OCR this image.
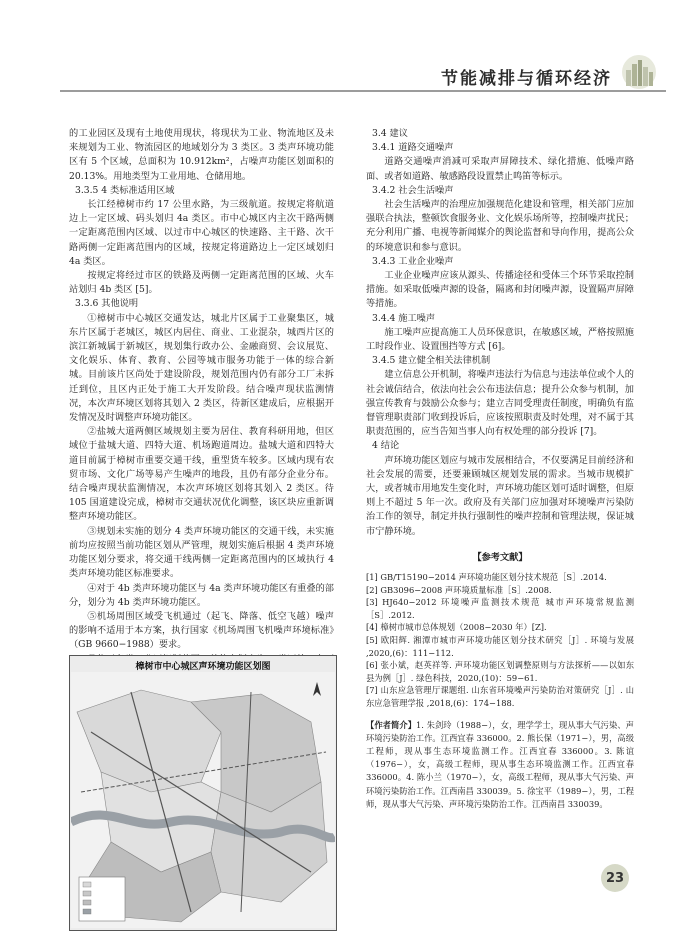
节能减排与循环经济
的工业园区及现有土地使用现状，将现状为工业、物流地区及未来规划为工业、物流园区的地域划分为 3 类区。3 类声环境功能区有 5 个区域，总面积为 10.912km²，占噪声功能区划面积的 20.13%。用地类型为工业用地、仓储用地。
3.3.5 4 类标准适用区域
长江经樟树市约 17 公里水路，为三级航道。按规定将航道边上一定区域、码头划归 4a 类区。市中心城区内主次干路两侧一定距离范围内区域、以过市中心城区的快速路、主干路、次干路两侧一定距离范围内的区域，按规定将道路边上一定区域划归 4a 类区。
按规定将经过市区的铁路及两侧一定距离范围的区域、火车站划归 4b 类区 [5]。
3.3.6 其他说明
①樟树市中心城区交通发达，城北片区属于工业聚集区，城东片区属于老城区，城区内居住、商业、工业混杂，城西片区的滨江新城属于新城区，规划集行政办公、金融商贸、会议展览、文化娱乐、体育、教育、公园等城市服务功能于一体的综合新城。目前该片区尚处于建设阶段，规划范围内仍有部分工厂未拆迁到位，且区内正处于施工大开发阶段。结合噪声现状监测情况，本次声环境区划将其划入 2 类区，待新区建成后，应根据开发情况及时调整声环境功能区。
②盐城大道两侧区域规划主要为居住、教育科研用地，但区域位于盐城大道、四特大道、机场跑道周边。盐城大道和四特大道目前属于樟树市重要交通干线，重型货车较多。区域内现有农贸市场、文化广场等易产生噪声的地段，且仍有部分企业分布。结合噪声现状监测情况，本次声环境区划将其划入 2 类区。待 105 国道建设完成，樟树市交通状况优化调整，该区块应重新调整声环境功能区。
③规划未实施的划分 4 类声环境功能区的交通干线，未实施前均应按照当前功能区划从严管理，规划实施后根据 4 类声环境功能区划分要求，将交通干线两侧一定距离范围内的区域执行 4 类声环境功能区标准要求。
④对于 4b 类声环境功能区与 4a 类声环境功能区有重叠的部分，划分为 4b 类声环境功能区。
⑤机场周围区域受飞机通过（起飞、降落、低空飞越）噪声的影响不适用于本方案，执行国家《机场周围飞机噪声环境标准》（GB 9660−1988）要求。
樟树市中心城区声环境功能区划图
3.4 建议
3.4.1 道路交通噪声
道路交通噪声消减可采取声屏障技术、绿化措施、低噪声路面、或者如道路、敏感路段设置禁止鸣笛等标示。
3.4.2 社会生活噪声
社会生活噪声的治理应加强规范化建设和管理，相关部门应加强联合执法，整顿饮食服务业、文化娱乐场所等，控制噪声扰民；充分利用广播、电视等新闻媒介的舆论监督和导向作用，提高公众的环境意识和参与意识。
3.4.3 工业企业噪声
工业企业噪声应该从源头、传播途径和受体三个环节采取控制措施。如采取低噪声源的设备，隔离和封闭噪声源，设置隔声屏障等措施。
3.4.4 施工噪声
施工噪声应提高施工人员环保意识，在敏感区域，严格按照施工时段作业、设置围挡等方式 [6]。
3.4.5 建立健全相关法律机制
建立信息公开机制，将噪声违法行为信息与违法单位或个人的社会诚信结合，依法向社会公布违法信息；提升公众参与机制，加强宣传教育与鼓励公众参与；建立吉同受理责任制度，明确负有监督管理职责部门收到投诉后，应该按照职责及时处理，对不属于其职责范围的，应当告知当事人向有权处理的部分投诉 [7]。
4 结论
声环境功能区划应与城市发展相结合，不仅要满足目前经济和社会发展的需要，还要兼顾城区规划发展的需求。当城市规模扩大，或者城市用地发生变化时，声环境功能区划可适时调整，但原则上不超过 5 年一次。政府及有关部门应加强对环境噪声污染防治工作的领导，制定并执行强制性的噪声控制和管理法规，保证城市宁静环境。
【参考文献】
[1] GB/T15190−2014 声环境功能区划分技术规范［S］.2014.
[2] GB3096−2008 声环境质量标准［S］.2008.
[3] HJ640−2012 环境噪声监测技术规范 城市声环境常规监测［S］.2012.
[4] 樟树市城市总体规划（2008−2030 年）[Z].
[5] 欧阳辉. 湘潭市城市声环境功能区划分技术研究［J］. 环境与发展 ,2020,(6)：111−112.
[6] 张小斌，赵英祥等. 声环境功能区划调整原则与方法探析——以如东县为例［J］. 绿色科技，2020,(10)：59−61.
[7] 山东应急管理厅课题组. 山东省环境噪声污染防治对策研究［J］. 山东应急管理学报 ,2018,(6)：174−188.
【作者简介】1. 朱剑玲（1988−），女，理学学士，现从事大气污染、声环境污染防治工作。江西宜春 336000。2. 熊长保（1971−），男，高级工程师，现从事生态环境监测工作。江西宜春 336000。3. 陈谊（1976−），女，高级工程师，现从事生态环境监测工作。江西宜春 336000。4. 陈小兰（1970−），女，高级工程师，现从事大气污染、声环境污染防治工作。江西南昌 330039。5. 徐宝平（1989−），男，工程师，现从事大气污染、声环境污染防治工作。江西南昌 330039。
23
